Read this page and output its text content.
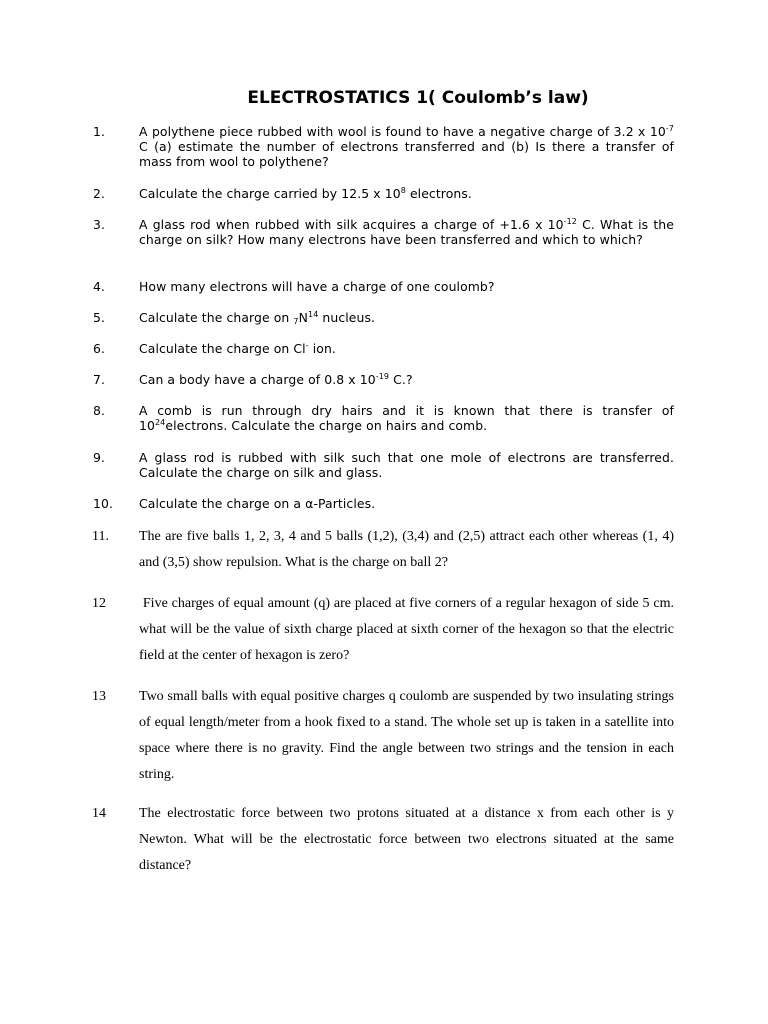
ELECTROSTATICS 1( Coulomb’s law)
1.	A polythene piece rubbed with wool is found to have a negative charge of 3.2 x $10^{-7}$ C (a) estimate the number of electrons transferred and (b) Is there a transfer of mass from wool to polythene?
2.	Calculate the charge carried by 12.5 x $10^8$ electrons.
3.	A glass rod when rubbed with silk acquires a charge of +1.6 x $10^{-12}$ C. What is the charge on silk? How many electrons have been transferred and which to which?
4.	How many electrons will have a charge of one coulomb?
5.	Calculate the charge on $_7N^{14}$ nucleus.
6.	Calculate the charge on Cl- ion.
7.	Can a body have a charge of 0.8 x $10^{-19}$ C.?
8.	A comb is run through dry hairs and it is known that there is transfer of $10^{24}electrons$. Calculate the charge on hairs and comb.
9.	A glass rod is rubbed with silk such that one mole of electrons are transferred. Calculate the charge on silk and glass.
10. Calculate the charge on a α-Particles.
11. The are five balls 1, 2, 3, 4 and 5 balls (1,2), (3,4) and (2,5) attract each other whereas (1, 4) and (3,5) show repulsion. What is the charge on ball 2?
12 Five charges of equal amount (q) are placed at five corners of a regular hexagon of side 5 cm. what will be the value of sixth charge placed at sixth corner of the hexagon so that the electric field at the center of hexagon is zero?
13 Two small balls with equal positive charges q coulomb are suspended by two insulating strings of equal length/meter from a hook fixed to a stand. The whole set up is taken in a satellite into space where there is no gravity. Find the angle between two strings and the tension in each string.
14 The electrostatic force between two protons situated at a distance x from each other is y Newton. What will be the electrostatic force between two electrons situated at the same distance?
